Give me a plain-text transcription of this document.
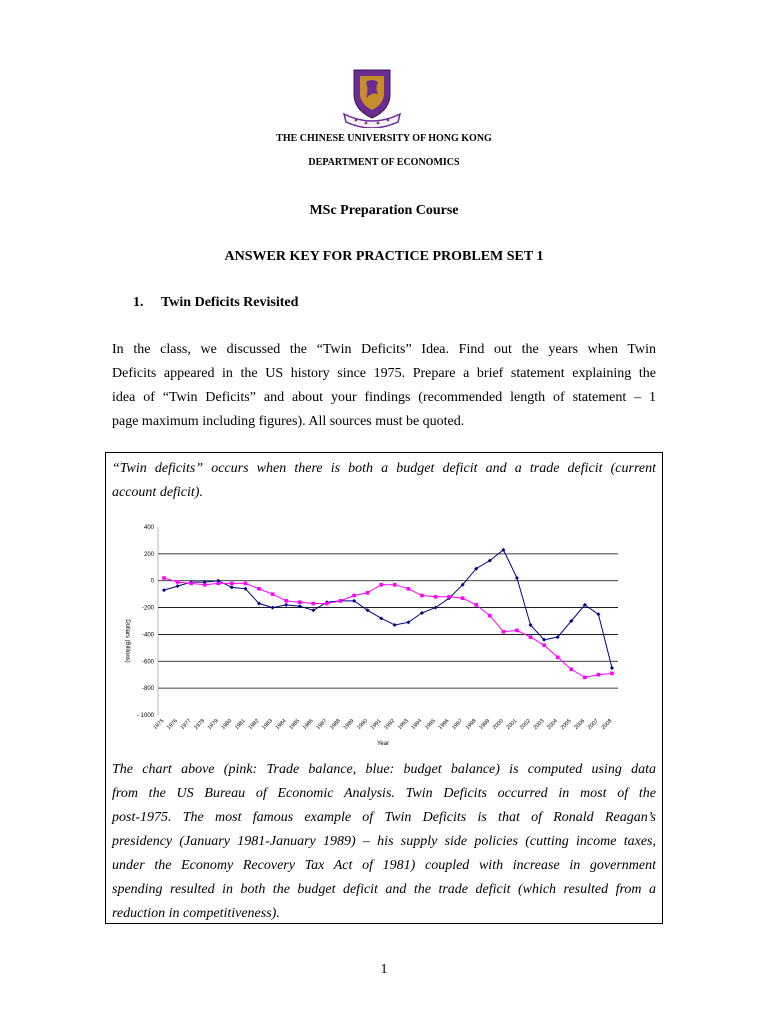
THE CHINESE UNIVERSITY OF HONG KONG
DEPARTMENT OF ECONOMICS
MSc Preparation Course
ANSWER KEY FOR PRACTICE PROBLEM SET 1
1. Twin Deficits Revisited
In the class, we discussed the “Twin Deficits” Idea. Find out the years when Twin
Deficits appeared in the US history since 1975. Prepare a brief statement explaining the
idea of “Twin Deficits” and about your findings (recommended length of statement – 1
page maximum including figures). All sources must be quoted.
“Twin deficits” occurs when there is both a budget deficit and a trade deficit (current
account deficit).
400
200
0
-200
-400
-600
-800
- 1000
1975 1976 1977 1978 1979 1980 1981 1982 1983 1984 1985 1986 1987 1988 1989 1990 1991 1992 1993 1994 1995 1996 1997 1998 1999 2000 2001 2002 2003 2004 2005 2006 2007 2008
Dollars (Billions)
Year
The chart above (pink: Trade balance, blue: budget balance) is computed using data
from the US Bureau of Economic Analysis. Twin Deficits occurred in most of the
post-1975. The most famous example of Twin Deficits is that of Ronald Reagan’s
presidency (January 1981-January 1989) – his supply side policies (cutting income taxes,
under the Economy Recovery Tax Act of 1981) coupled with increase in government
spending resulted in both the budget deficit and the trade deficit (which resulted from a
reduction in competitiveness).
1
